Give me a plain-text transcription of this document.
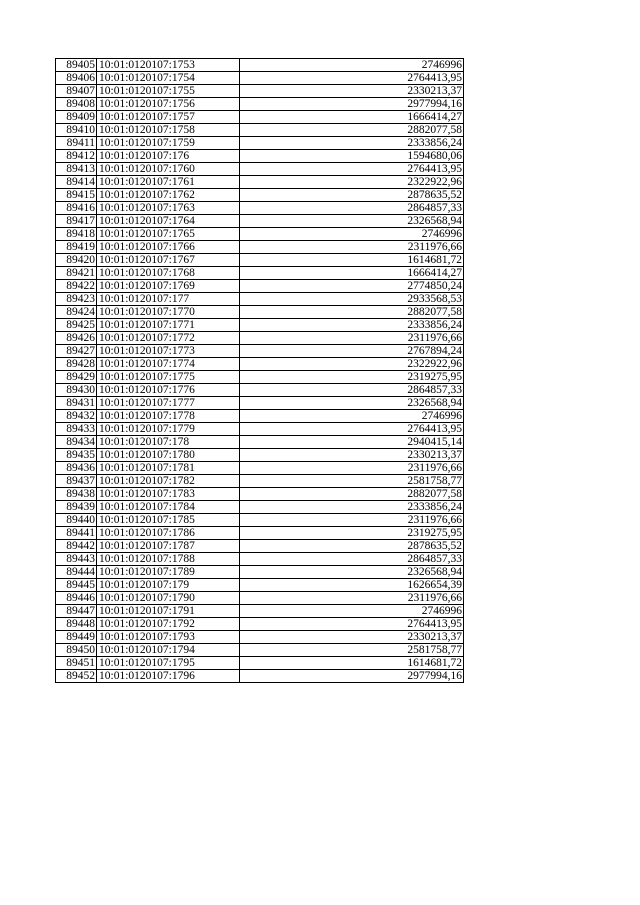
89405	10:01:0120107:1753	2746996
89406	10:01:0120107:1754	2764413,95
89407	10:01:0120107:1755	2330213,37
89408	10:01:0120107:1756	2977994,16
89409	10:01:0120107:1757	1666414,27
89410	10:01:0120107:1758	2882077,58
89411	10:01:0120107:1759	2333856,24
89412	10:01:0120107:176	1594680,06
89413	10:01:0120107:1760	2764413,95
89414	10:01:0120107:1761	2322922,96
89415	10:01:0120107:1762	2878635,52
89416	10:01:0120107:1763	2864857,33
89417	10:01:0120107:1764	2326568,94
89418	10:01:0120107:1765	2746996
89419	10:01:0120107:1766	2311976,66
89420	10:01:0120107:1767	1614681,72
89421	10:01:0120107:1768	1666414,27
89422	10:01:0120107:1769	2774850,24
89423	10:01:0120107:177	2933568,53
89424	10:01:0120107:1770	2882077,58
89425	10:01:0120107:1771	2333856,24
89426	10:01:0120107:1772	2311976,66
89427	10:01:0120107:1773	2767894,24
89428	10:01:0120107:1774	2322922,96
89429	10:01:0120107:1775	2319275,95
89430	10:01:0120107:1776	2864857,33
89431	10:01:0120107:1777	2326568,94
89432	10:01:0120107:1778	2746996
89433	10:01:0120107:1779	2764413,95
89434	10:01:0120107:178	2940415,14
89435	10:01:0120107:1780	2330213,37
89436	10:01:0120107:1781	2311976,66
89437	10:01:0120107:1782	2581758,77
89438	10:01:0120107:1783	2882077,58
89439	10:01:0120107:1784	2333856,24
89440	10:01:0120107:1785	2311976,66
89441	10:01:0120107:1786	2319275,95
89442	10:01:0120107:1787	2878635,52
89443	10:01:0120107:1788	2864857,33
89444	10:01:0120107:1789	2326568,94
89445	10:01:0120107:179	1626654,39
89446	10:01:0120107:1790	2311976,66
89447	10:01:0120107:1791	2746996
89448	10:01:0120107:1792	2764413,95
89449	10:01:0120107:1793	2330213,37
89450	10:01:0120107:1794	2581758,77
89451	10:01:0120107:1795	1614681,72
89452	10:01:0120107:1796	2977994,16
